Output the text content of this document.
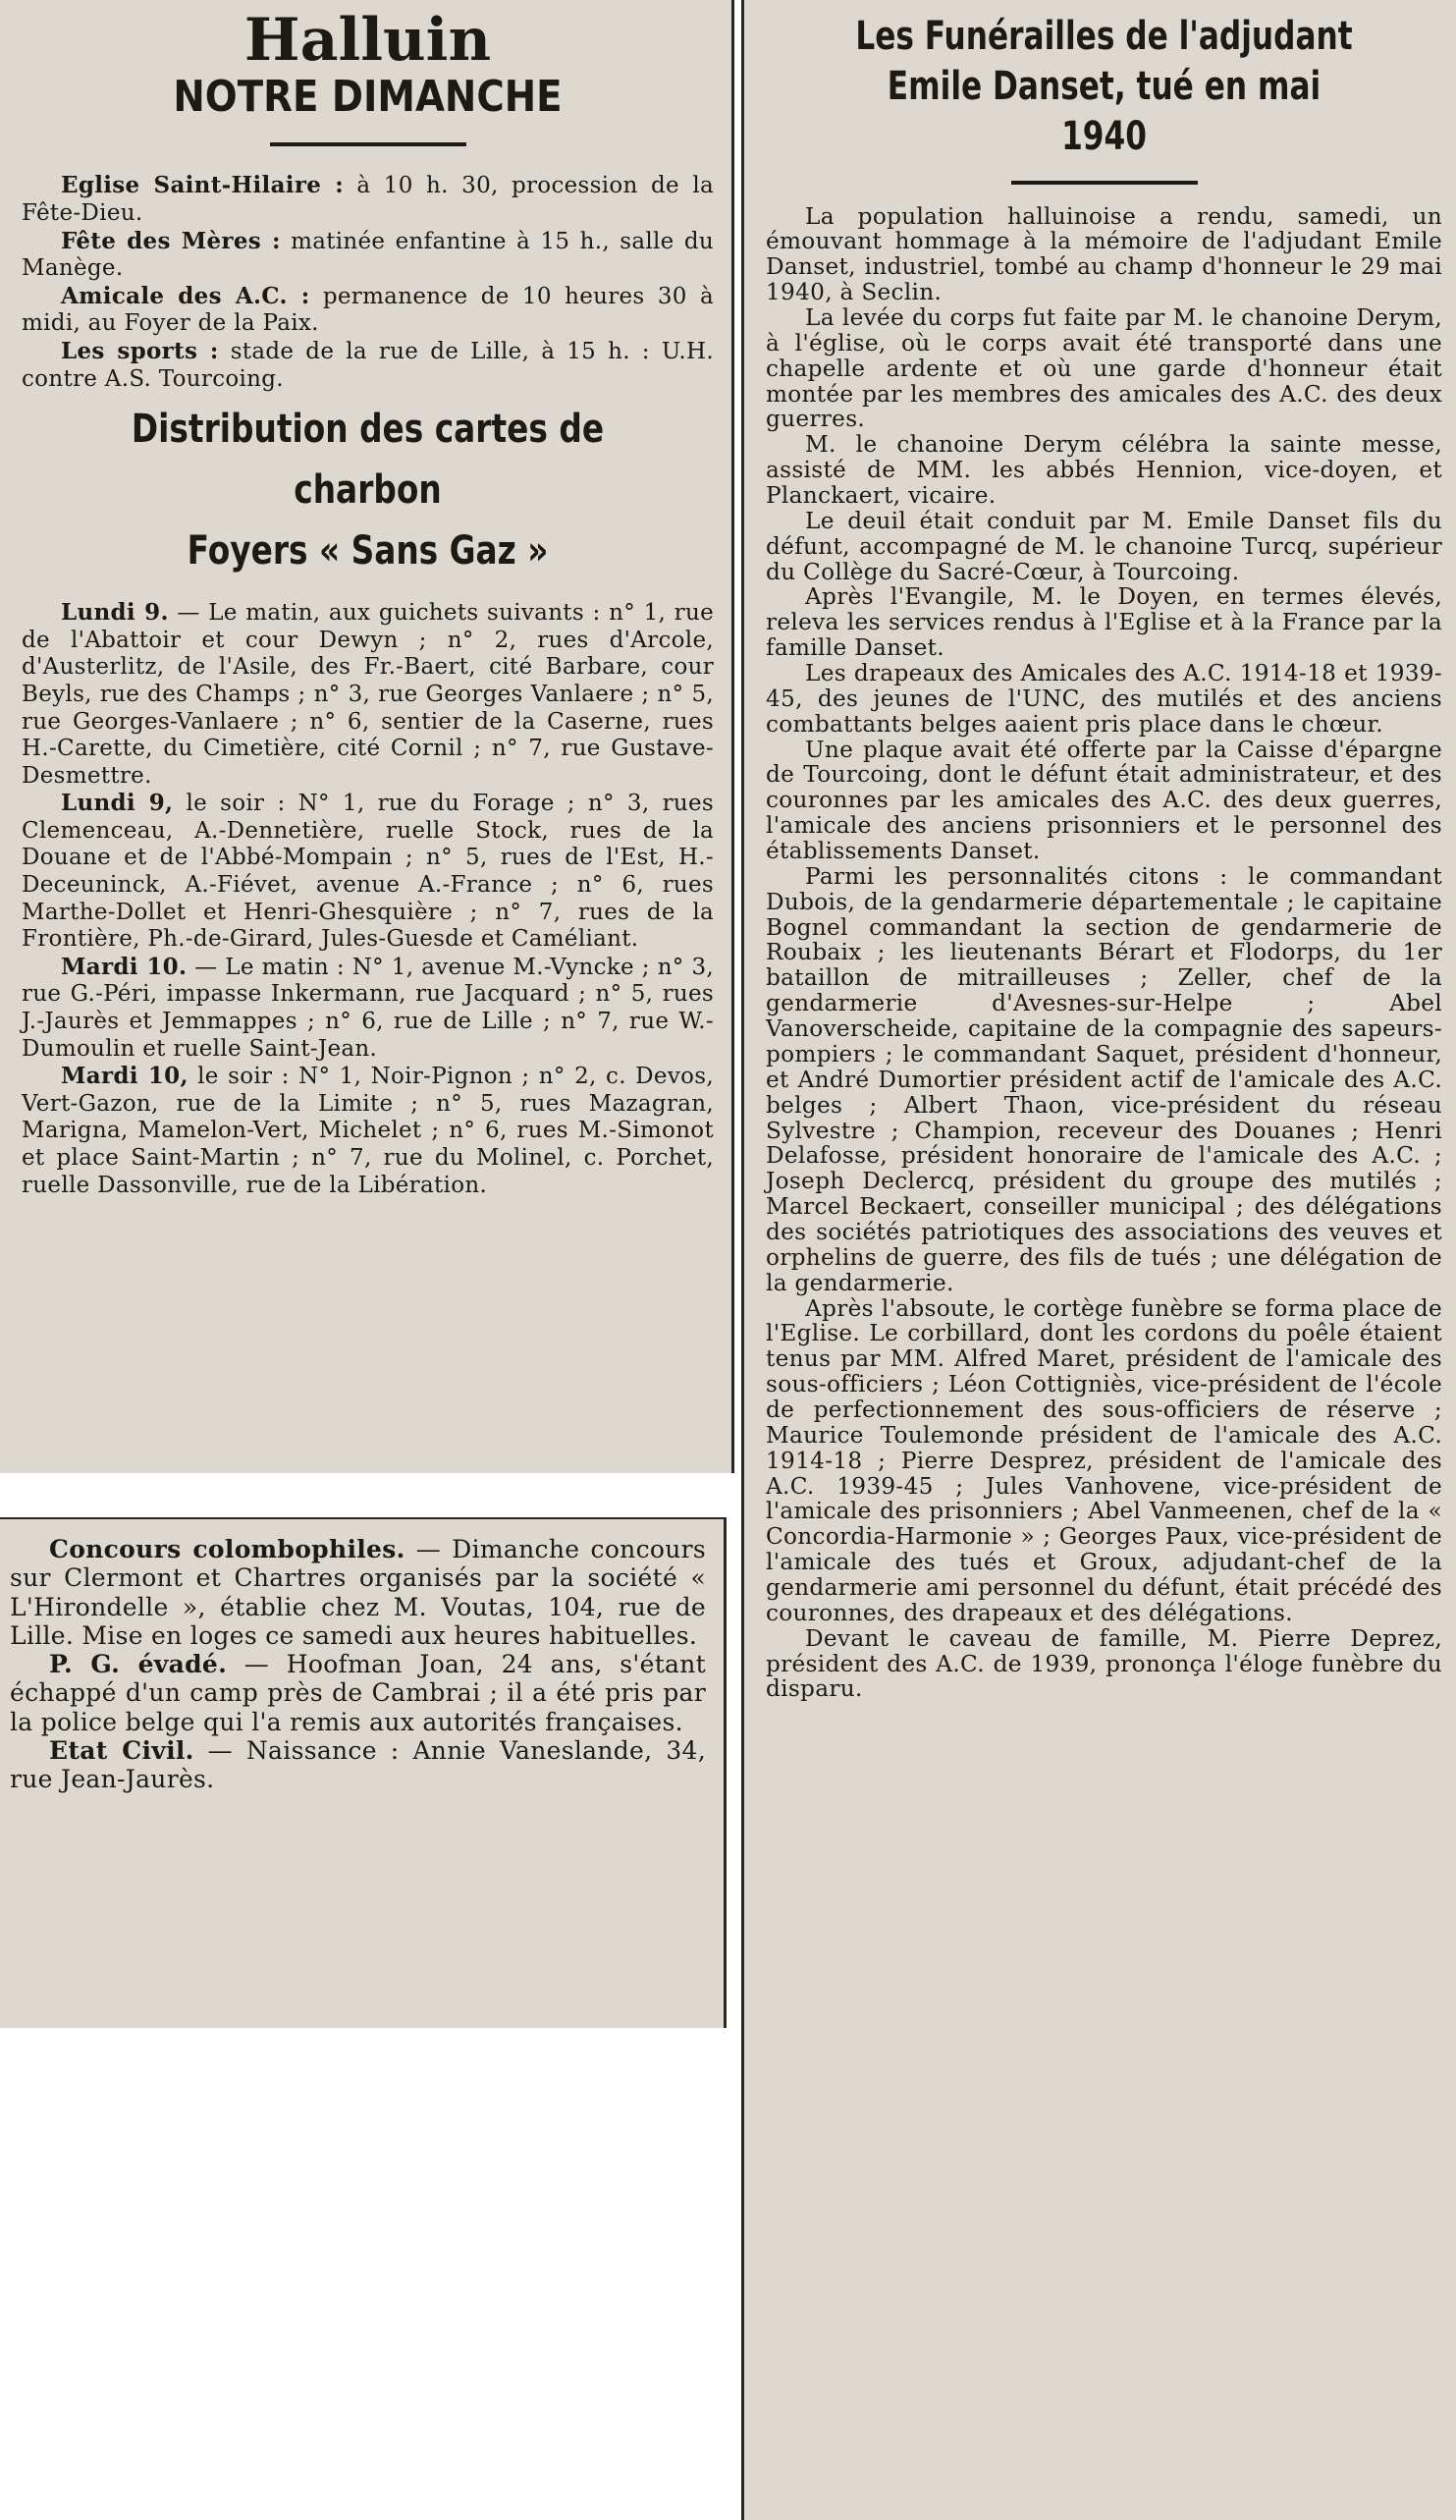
Halluin
NOTRE DIMANCHE

Eglise Saint-Hilaire : à 10 h. 30, procession de la Fête-Dieu.

Fête des Mères : matinée enfantine à 15 h., salle du Manège.

Amicale des A.C. : permanence de 10 heures 30 à midi, au Foyer de la Paix.

Les sports : stade de la rue de Lille, à 15 h. : U.H. contre A.S. Tourcoing.

Distribution des cartes de charbon
Foyers « Sans Gaz »

Lundi 9. — Le matin, aux guichets suivants : n° 1, rue de l'Abattoir et cour Dewyn ; n° 2, rues d'Arcole, d'Austerlitz, de l'Asile, des Fr.-Baert, cité Barbare, cour Beyls, rue des Champs ; n° 3, rue Georges Vanlaere ; n° 5, rue Georges-Vanlaere ; n° 6, sentier de la Caserne, rues H.-Carette, du Cimetière, cité Cornil ; n° 7, rue Gustave-Desmettre.

Lundi 9, le soir : N° 1, rue du Forage ; n° 3, rues Clemenceau, A.-Dennetière, ruelle Stock, rues de la Douane et de l'Abbé-Mompain ; n° 5, rues de l'Est, H.-Deceuninck, A.-Fiévet, avenue A.-France ; n° 6, rues Marthe-Dollet et Henri-Ghesquière ; n° 7, rues de la Frontière, Ph.-de-Girard, Jules-Guesde et Caméliant.

Mardi 10. — Le matin : N° 1, avenue M.-Vyncke ; n° 3, rue G.-Péri, impasse Inkermann, rue Jacquard ; n° 5, rues J.-Jaurès et Jemmappes ; n° 6, rue de Lille ; n° 7, rue W.-Dumoulin et ruelle Saint-Jean.

Mardi 10, le soir : N° 1, Noir-Pignon ; n° 2, c. Devos, Vert-Gazon, rue de la Limite ; n° 5, rues Mazagran, Marigna, Mamelon-Vert, Michelet ; n° 6, rues M.-Simonot et place Saint-Martin ; n° 7, rue du Molinel, c. Porchet, ruelle Dassonville, rue de la Libération.

Concours colombophiles. — Dimanche concours sur Clermont et Chartres organisés par la société « L'Hirondelle », établie chez M. Voutas, 104, rue de Lille. Mise en loges ce samedi aux heures habituelles.

P. G. évadé. — Hoofman Joan, 24 ans, s'étant échappé d'un camp près de Cambrai ; il a été pris par la police belge qui l'a remis aux autorités françaises.

Etat Civil. — Naissance : Annie Vaneslande, 34, rue Jean-Jaurès.

Les Funérailles de l'adjudant
Emile Danset, tué en mai 1940

La population halluinoise a rendu, samedi, un émouvant hommage à la mémoire de l'adjudant Emile Danset, industriel, tombé au champ d'honneur le 29 mai 1940, à Seclin.

La levée du corps fut faite par M. le chanoine Derym, à l'église, où le corps avait été transporté dans une chapelle ardente et où une garde d'honneur était montée par les membres des amicales des A.C. des deux guerres.

M. le chanoine Derym célébra la sainte messe, assisté de MM. les abbés Hennion, vice-doyen, et Planckaert, vicaire.

Le deuil était conduit par M. Emile Danset fils du défunt, accompagné de M. le chanoine Turcq, supérieur du Collège du Sacré-Cœur, à Tourcoing.

Après l'Evangile, M. le Doyen, en termes élevés, releva les services rendus à l'Eglise et à la France par la famille Danset.

Les drapeaux des Amicales des A.C. 1914-18 et 1939-45, des jeunes de l'UNC, des mutilés et des anciens combattants belges aaient pris place dans le chœur.

Une plaque avait été offerte par la Caisse d'épargne de Tourcoing, dont le défunt était administrateur, et des couronnes par les amicales des A.C. des deux guerres, l'amicale des anciens prisonniers et le personnel des établissements Danset.

Parmi les personnalités citons : le commandant Dubois, de la gendarmerie départementale ; le capitaine Bognel commandant la section de gendarmerie de Roubaix ; les lieutenants Bérart et Flodorps, du 1er bataillon de mitrailleuses ; Zeller, chef de la gendarmerie d'Avesnes-sur-Helpe ; Abel Vanoverscheide, capitaine de la compagnie des sapeurs-pompiers ; le commandant Saquet, président d'honneur, et André Dumortier président actif de l'amicale des A.C. belges ; Albert Thaon, vice-président du réseau Sylvestre ; Champion, receveur des Douanes ; Henri Delafosse, président honoraire de l'amicale des A.C. ; Joseph Declercq, président du groupe des mutilés ; Marcel Beckaert, conseiller municipal ; des délégations des sociétés patriotiques des associations des veuves et orphelins de guerre, des fils de tués ; une délégation de la gendarmerie.

Après l'absoute, le cortège funèbre se forma place de l'Eglise. Le corbillard, dont les cordons du poêle étaient tenus par MM. Alfred Maret, président de l'amicale des sous-officiers ; Léon Cottigniès, vice-président de l'école de perfectionnement des sous-officiers de réserve ; Maurice Toulemonde président de l'amicale des A.C. 1914-18 ; Pierre Desprez, président de l'amicale des A.C. 1939-45 ; Jules Vanhovene, vice-président de l'amicale des prisonniers ; Abel Vanmeenen, chef de la « Concordia-Harmonie » ; Georges Paux, vice-président de l'amicale des tués et Groux, adjudant-chef de la gendarmerie ami personnel du défunt, était précédé des couronnes, des drapeaux et des délégations.

Devant le caveau de famille, M. Pierre Deprez, président des A.C. de 1939, prononça l'éloge funèbre du disparu.
